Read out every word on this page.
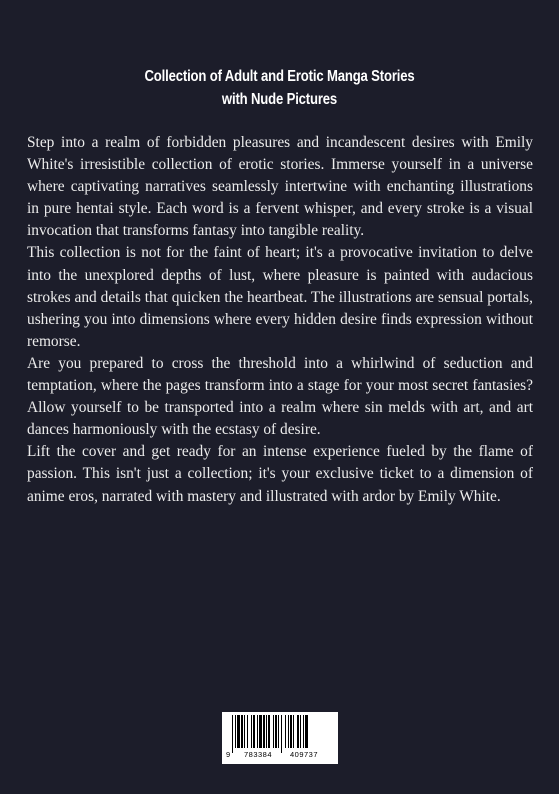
Collection of Adult and Erotic Manga Stories
with Nude Pictures

Step into a realm of forbidden pleasures and incandescent desires with Emily White's irresistible collection of erotic stories. Immerse yourself in a universe where captivating narratives seamlessly intertwine with enchanting illustrations in pure hentai style. Each word is a fervent whisper, and every stroke is a visual invocation that transforms fantasy into tangible reality.

This collection is not for the faint of heart; it's a provocative invitation to delve into the unexplored depths of lust, where pleasure is painted with audacious strokes and details that quicken the heartbeat. The illustrations are sensual portals, ushering you into dimensions where every hidden desire finds expression without remorse.

Are you prepared to cross the threshold into a whirlwind of seduction and temptation, where the pages transform into a stage for your most secret fantasies? Allow yourself to be transported into a realm where sin melds with art, and art dances harmoniously with the ecstasy of desire.

Lift the cover and get ready for an intense experience fueled by the flame of passion. This isn't just a collection; it's your exclusive ticket to a dimension of anime eros, narrated with mastery and illustrated with ardor by Emily White.

9 783384 409737
